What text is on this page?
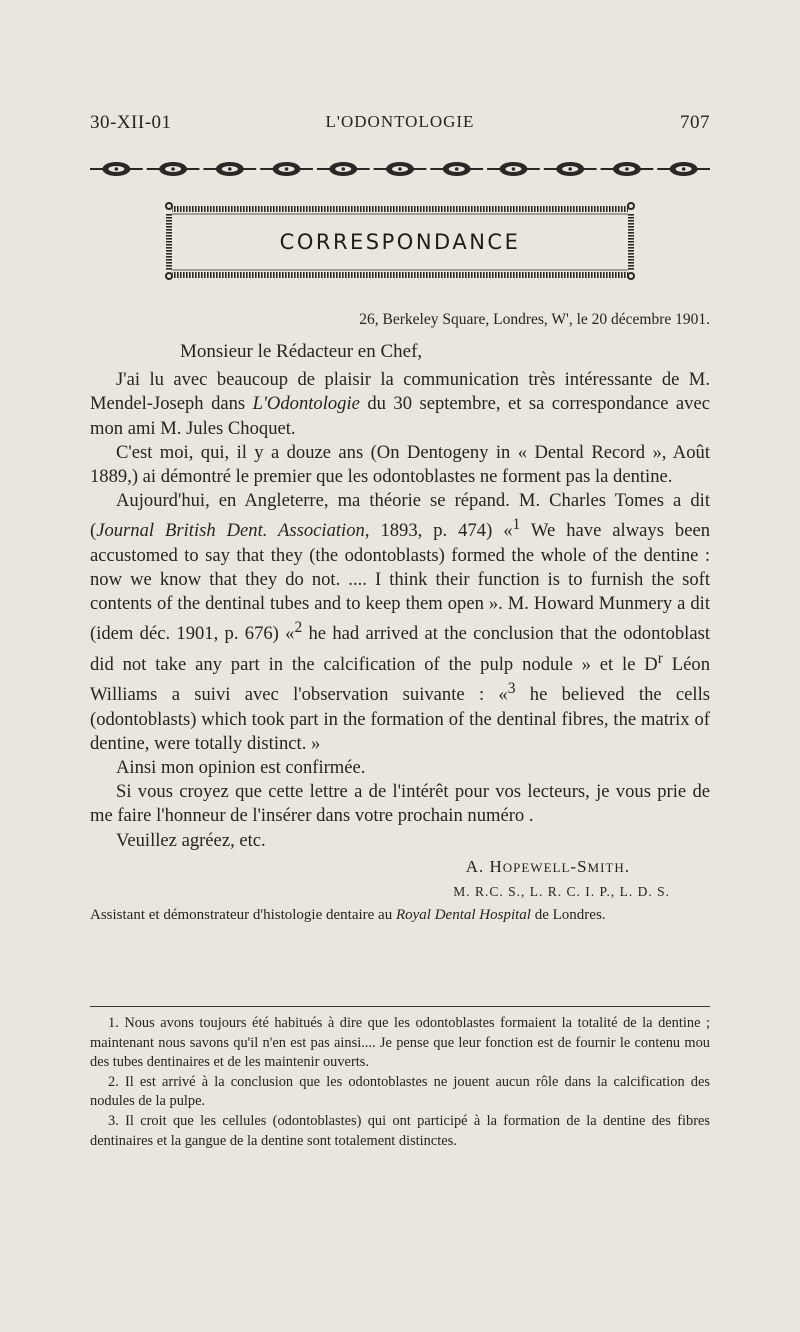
30-XII-01	L'ODONTOLOGIE	707
CORRESPONDANCE

26, Berkeley Square, Londres, W', le 20 décembre 1901.

Monsieur le Rédacteur en Chef,

J'ai lu avec beaucoup de plaisir la communication très intéressante de M. Mendel-Joseph dans L'Odontologie du 30 septembre, et sa correspondance avec mon ami M. Jules Choquet.

C'est moi, qui, il y a douze ans (On Dentogeny in « Dental Record », Août 1889,) ai démontré le premier que les odontoblastes ne forment pas la dentine.

Aujourd'hui, en Angleterre, ma théorie se répand. M. Charles Tomes a dit (Journal British Dent. Association, 1893, p. 474) «$^1$ We have always been accustomed to say that they (the odontoblasts) formed the whole of the dentine : now we know that they do not. .... I think their function is to furnish the soft contents of the dentinal tubes and to keep them open ». M. Howard Munmery a dit (idem déc. 1901, p. 676) «$^2$ he had arrived at the conclusion that the odontoblast did not take any part in the calcification of the pulp nodule » et le $D^r$ Léon Williams a suivi avec l'observation suivante : «$^3$ he believed the cells (odontoblasts) which took part in the formation of the dentinal fibres, the matrix of dentine, were totally distinct. »

Ainsi mon opinion est confirmée.

Si vous croyez que cette lettre a de l'intérêt pour vos lecteurs, je vous prie de me faire l'honneur de l'insérer dans votre prochain numéro .

Veuillez agréez, etc.

A. HOPEWELL-SMITH.

M. R.C. S., L. R. C. I. P., L. D. S.

Assistant et démonstrateur d'histologie dentaire au Royal Dental Hospital de Londres.

1. Nous avons toujours été habitués à dire que les odontoblastes formaient la totalité de la dentine ; maintenant nous savons qu'il n'en est pas ainsi.... Je pense que leur fonction est de fournir le contenu mou des tubes dentinaires et de les maintenir ouverts.

2. Il est arrivé à la conclusion que les odontoblastes ne jouent aucun rôle dans la calcification des nodules de la pulpe.

3. Il croit que les cellules (odontoblastes) qui ont participé à la formation de la dentine des fibres dentinaires et la gangue de la dentine sont totalement distinctes.
